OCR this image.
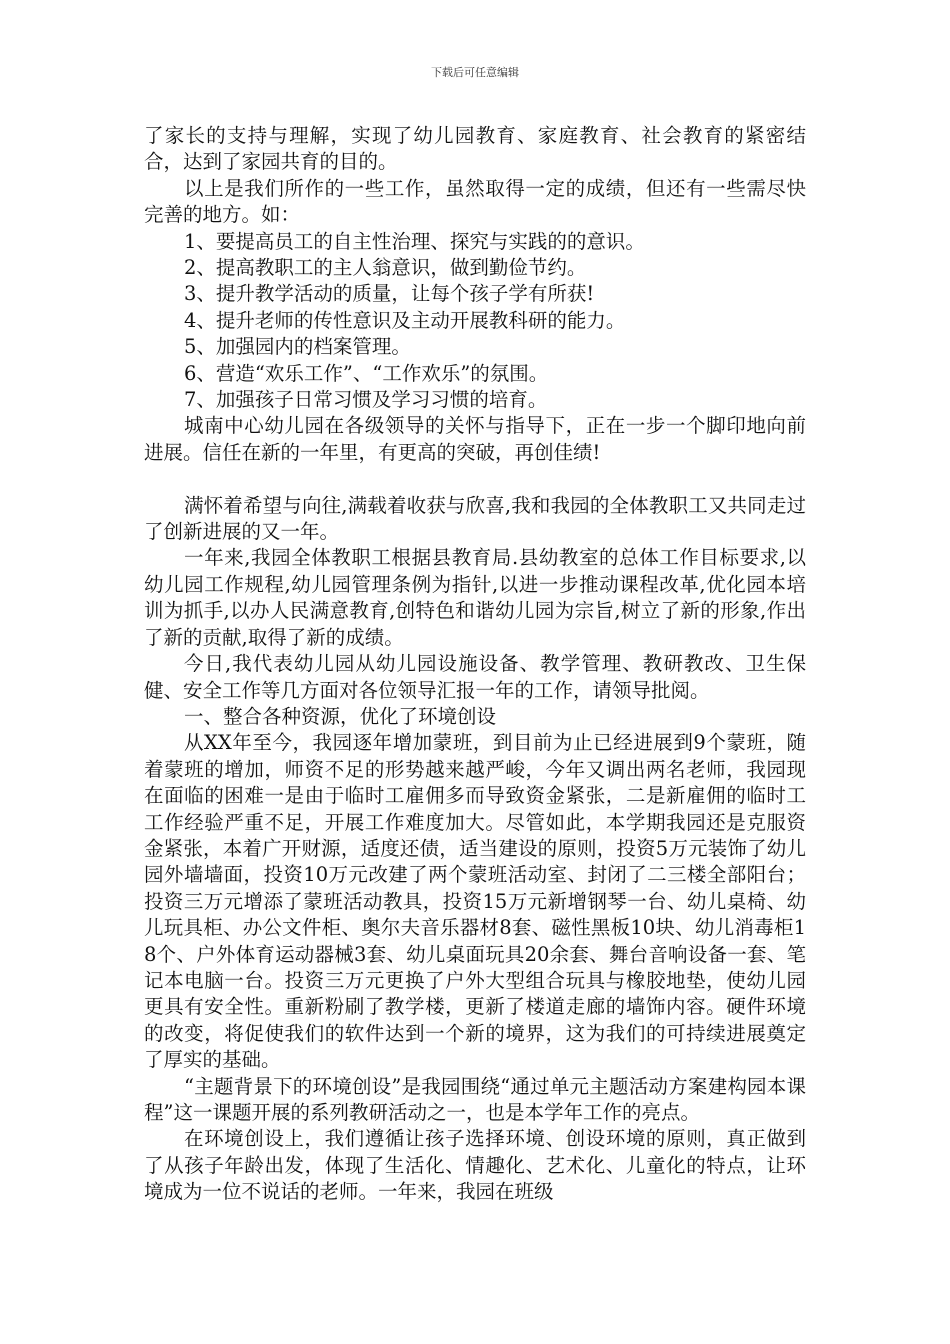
下载后可任意编辑

了家长的支持与理解，实现了幼儿园教育、家庭教育、社会教育的紧密结合，达到了家园共育的目的。

以上是我们所作的一些工作，虽然取得一定的成绩，但还有一些需尽快完善的地方。如：

1、要提高员工的自主性治理、探究与实践的的意识。

2、提高教职工的主人翁意识，做到勤俭节约。

3、提升教学活动的质量，让每个孩子学有所获!

4、提升老师的传性意识及主动开展教科研的能力。

5、加强园内的档案管理。

6、营造“欢乐工作”、“工作欢乐”的氛围。

7、加强孩子日常习惯及学习习惯的培育。

城南中心幼儿园在各级领导的关怀与指导下，正在一步一个脚印地向前进展。信任在新的一年里，有更高的突破，再创佳绩!

满怀着希望与向往,满载着收获与欣喜,我和我园的全体教职工又共同走过了创新进展的又一年。

一年来,我园全体教职工根据县教育局.县幼教室的总体工作目标要求,以幼儿园工作规程,幼儿园管理条例为指针,以进一步推动课程改革,优化园本培训为抓手,以办人民满意教育,创特色和谐幼儿园为宗旨,树立了新的形象,作出了新的贡献,取得了新的成绩。

今日,我代表幼儿园从幼儿园设施设备、教学管理、教研教改、卫生保健、安全工作等几方面对各位领导汇报一年的工作，请领导批阅。

一、整合各种资源，优化了环境创设

从XX年至今，我园逐年增加蒙班，到目前为止已经进展到9个蒙班，随着蒙班的增加，师资不足的形势越来越严峻，今年又调出两名老师，我园现在面临的困难一是由于临时工雇佣多而导致资金紧张，二是新雇佣的临时工工作经验严重不足，开展工作难度加大。尽管如此，本学期我园还是克服资金紧张，本着广开财源，适度还债，适当建设的原则，投资5万元装饰了幼儿园外墙墙面，投资10万元改建了两个蒙班活动室、封闭了二三楼全部阳台；投资三万元增添了蒙班活动教具，投资15万元新增钢琴一台、幼儿桌椅、幼儿玩具柜、办公文件柜、奥尔夫音乐器材8套、磁性黑板10块、幼儿消毒柜18个、户外体育运动器械3套、幼儿桌面玩具20余套、舞台音响设备一套、笔记本电脑一台。投资三万元更换了户外大型组合玩具与橡胶地垫，使幼儿园更具有安全性。重新粉刷了教学楼，更新了楼道走廊的墙饰内容。硬件环境的改变，将促使我们的软件达到一个新的境界，这为我们的可持续进展奠定了厚实的基础。

“主题背景下的环境创设”是我园围绕“通过单元主题活动方案建构园本课程”这一课题开展的系列教研活动之一，也是本学年工作的亮点。

在环境创设上，我们遵循让孩子选择环境、创设环境的原则，真正做到了从孩子年龄出发，体现了生活化、情趣化、艺术化、儿童化的特点，让环境成为一位不说话的老师。一年来，我园在班级
